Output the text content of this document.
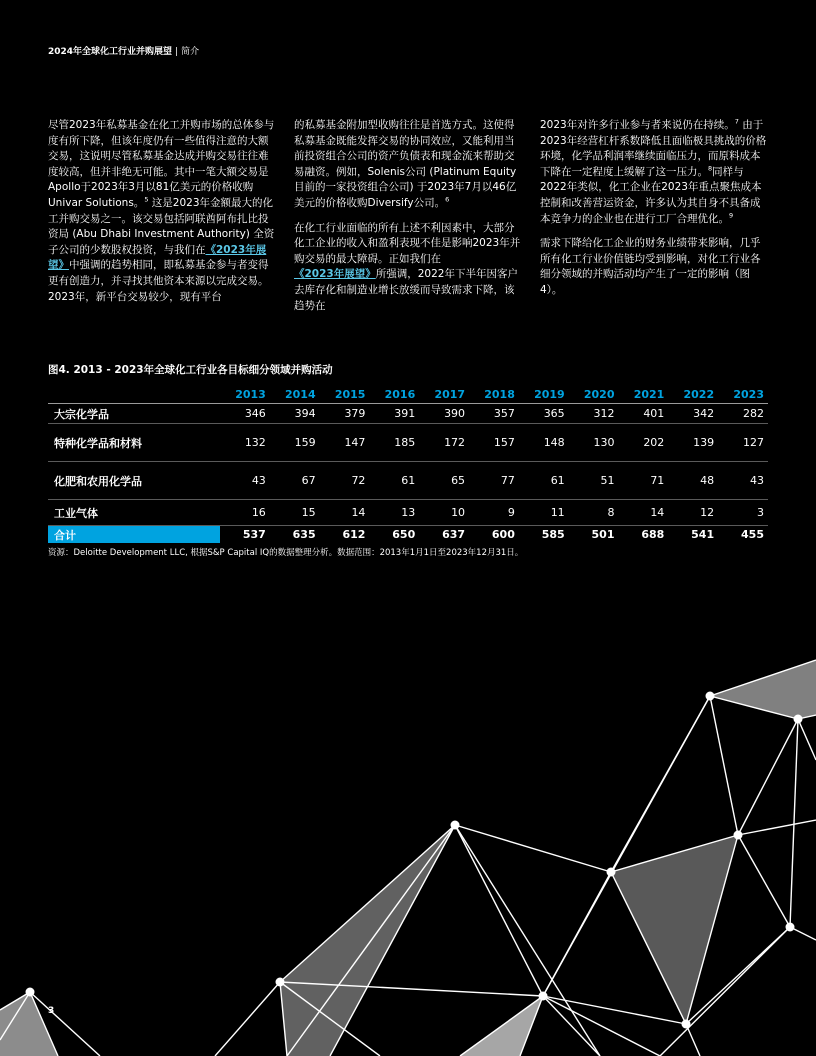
2024年全球化工行业并购展望 | 简介

尽管2023年私募基金在化工并购市场的总体参与度有所下降，但该年度仍有一些值得注意的大额交易，这说明尽管私募基金达成并购交易往往难度较高，但并非绝无可能。其中一笔大额交易是Apollo于2023年3月以81亿美元的价格收购Univar Solutions。$^5$ 这是2023年金额最大的化工并购交易之一。该交易包括阿联酋阿布扎比投资局 (Abu Dhabi Investment Authority) 全资子公司的少数股权投资，与我们在《2023年展望》中强调的趋势相同，即私募基金参与者变得更有创造力，并寻找其他资本来源以完成交易。2023年，新平台交易较少，现有平台

的私募基金附加型收购往往是首选方式。这使得私募基金既能发挥交易的协同效应，又能利用当前投资组合公司的资产负债表和现金流来帮助交易融资。例如，Solenis公司 (Platinum Equity目前的一家投资组合公司) 于2023年7月以46亿美元的价格收购Diversify公司。$^6$

在化工行业面临的所有上述不利因素中，大部分化工企业的收入和盈利表现不佳是影响2023年并购交易的最大障碍。正如我们在《2023年展望》所强调，2022年下半年因客户去库存化和制造业增长放缓而导致需求下降，该趋势在

2023年对许多行业参与者来说仍在持续。$^7$ 由于2023年经营杠杆系数降低且面临极具挑战的价格环境，化学品利润率继续面临压力，而原料成本下降在一定程度上缓解了这一压力。$^8$同样与2022年类似，化工企业在2023年重点聚焦成本控制和改善营运资金，许多认为其自身不具备成本竞争力的企业也在进行工厂合理优化。$^9$

需求下降给化工企业的财务业绩带来影响，几乎所有化工行业价值链均受到影响，对化工行业各细分领域的并购活动均产生了一定的影响（图4）。

图4. 2013 - 2023年全球化工行业各目标细分领域并购活动
	2013	2014	2015	2016	2017	2018	2019	2020	2021	2022	2023
大宗化学品	346	394	379	391	390	357	365	312	401	342	282
特种化学品和材料	132	159	147	185	172	157	148	130	202	139	127
化肥和农用化学品	43	67	72	61	65	77	61	51	71	48	43
工业气体	16	15	14	13	10	9	11	8	14	12	3
合计	537	635	612	650	637	600	585	501	688	541	455
资源：Deloitte Development LLC, 根据S&P Capital IQ的数据整理分析。数据范围：2013年1月1日至2023年12月31日。
3
